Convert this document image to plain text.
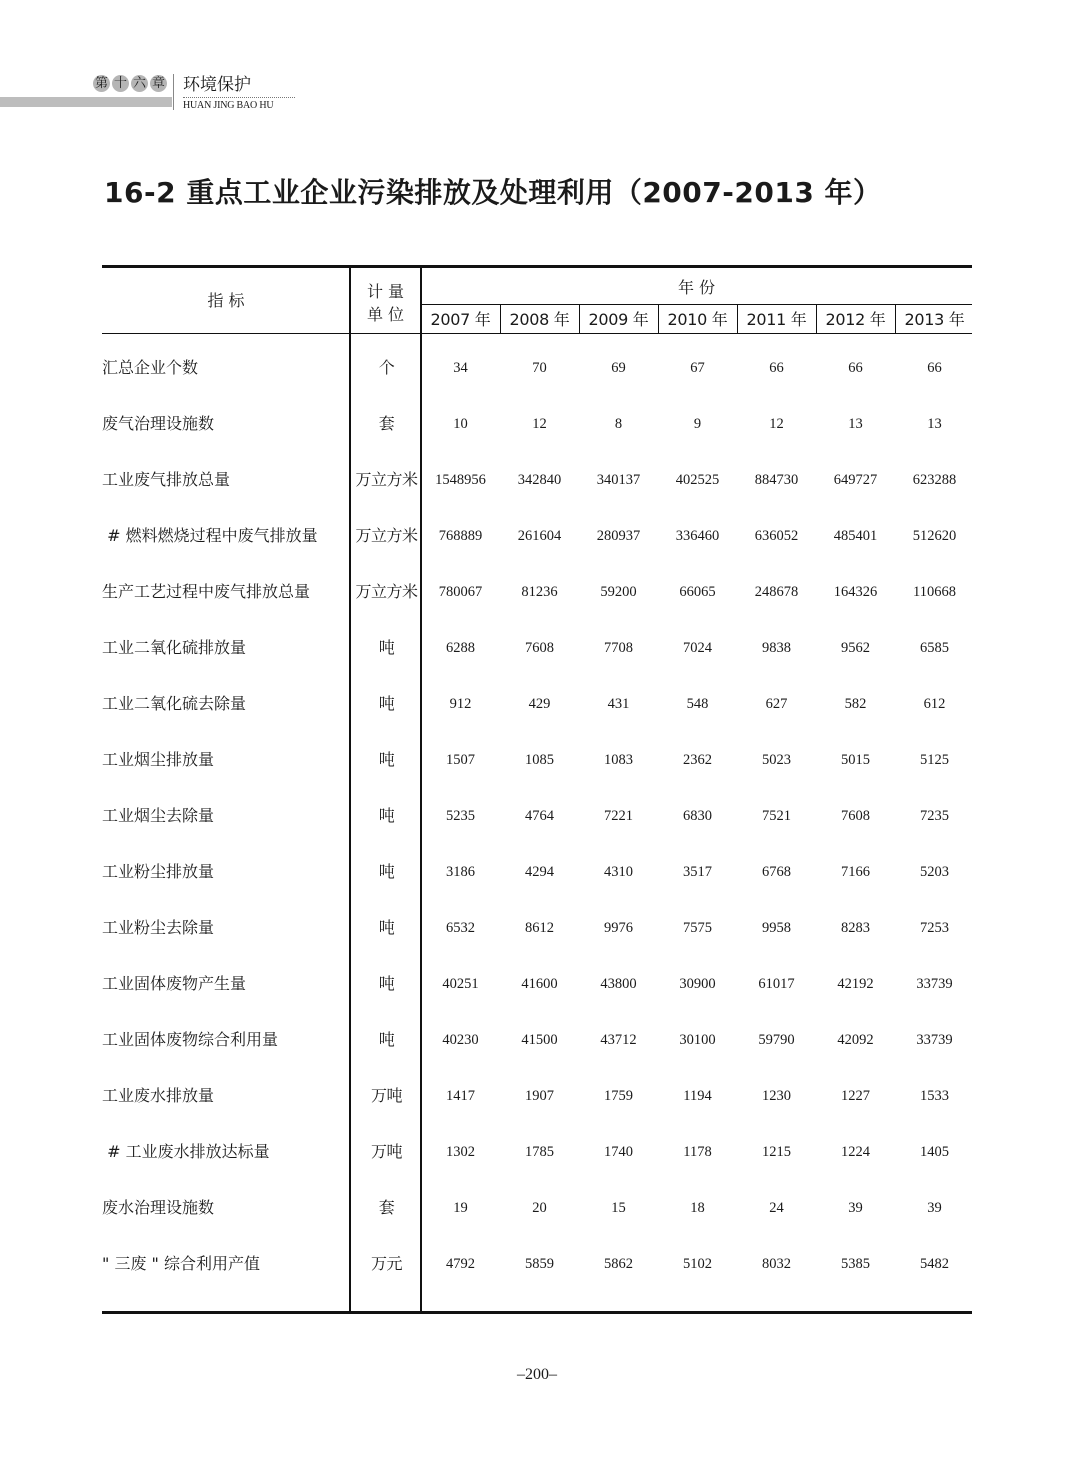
第 十 六 章 环境保护
HUAN JING BAO HU
16-2 重点工业企业污染排放及处理利用（2007-2013 年）
指 标	计 量
单 位
年 份
2007 年	2008 年	2009 年	2010 年	2011 年	2012 年	2013 年
汇总企业个数	个	34	70	69	67	66	66	66
废气治理设施数	套	10	12	8	9	12	13	13
工业废气排放总量	万立方米	1548956	342840	340137	402525	884730	649727	623288
# 燃料燃烧过程中废气排放量	万立方米	768889	261604	280937	336460	636052	485401	512620
生产工艺过程中废气排放总量	万立方米	780067	81236	59200	66065	248678	164326	110668
工业二氧化硫排放量	吨	6288	7608	7708	7024	9838	9562	6585
工业二氧化硫去除量	吨	912	429	431	548	627	582	612
工业烟尘排放量	吨	1507	1085	1083	2362	5023	5015	5125
工业烟尘去除量	吨	5235	4764	7221	6830	7521	7608	7235
工业粉尘排放量	吨	3186	4294	4310	3517	6768	7166	5203
工业粉尘去除量	吨	6532	8612	9976	7575	9958	8283	7253
工业固体废物产生量	吨	40251	41600	43800	30900	61017	42192	33739
工业固体废物综合利用量	吨	40230	41500	43712	30100	59790	42092	33739
工业废水排放量	万吨	1417	1907	1759	1194	1230	1227	1533
# 工业废水排放达标量	万吨	1302	1785	1740	1178	1215	1224	1405
废水治理设施数	套	19	20	15	18	24	39	39
" 三废 " 综合利用产值	万元	4792	5859	5862	5102	8032	5385	5482
–200–
